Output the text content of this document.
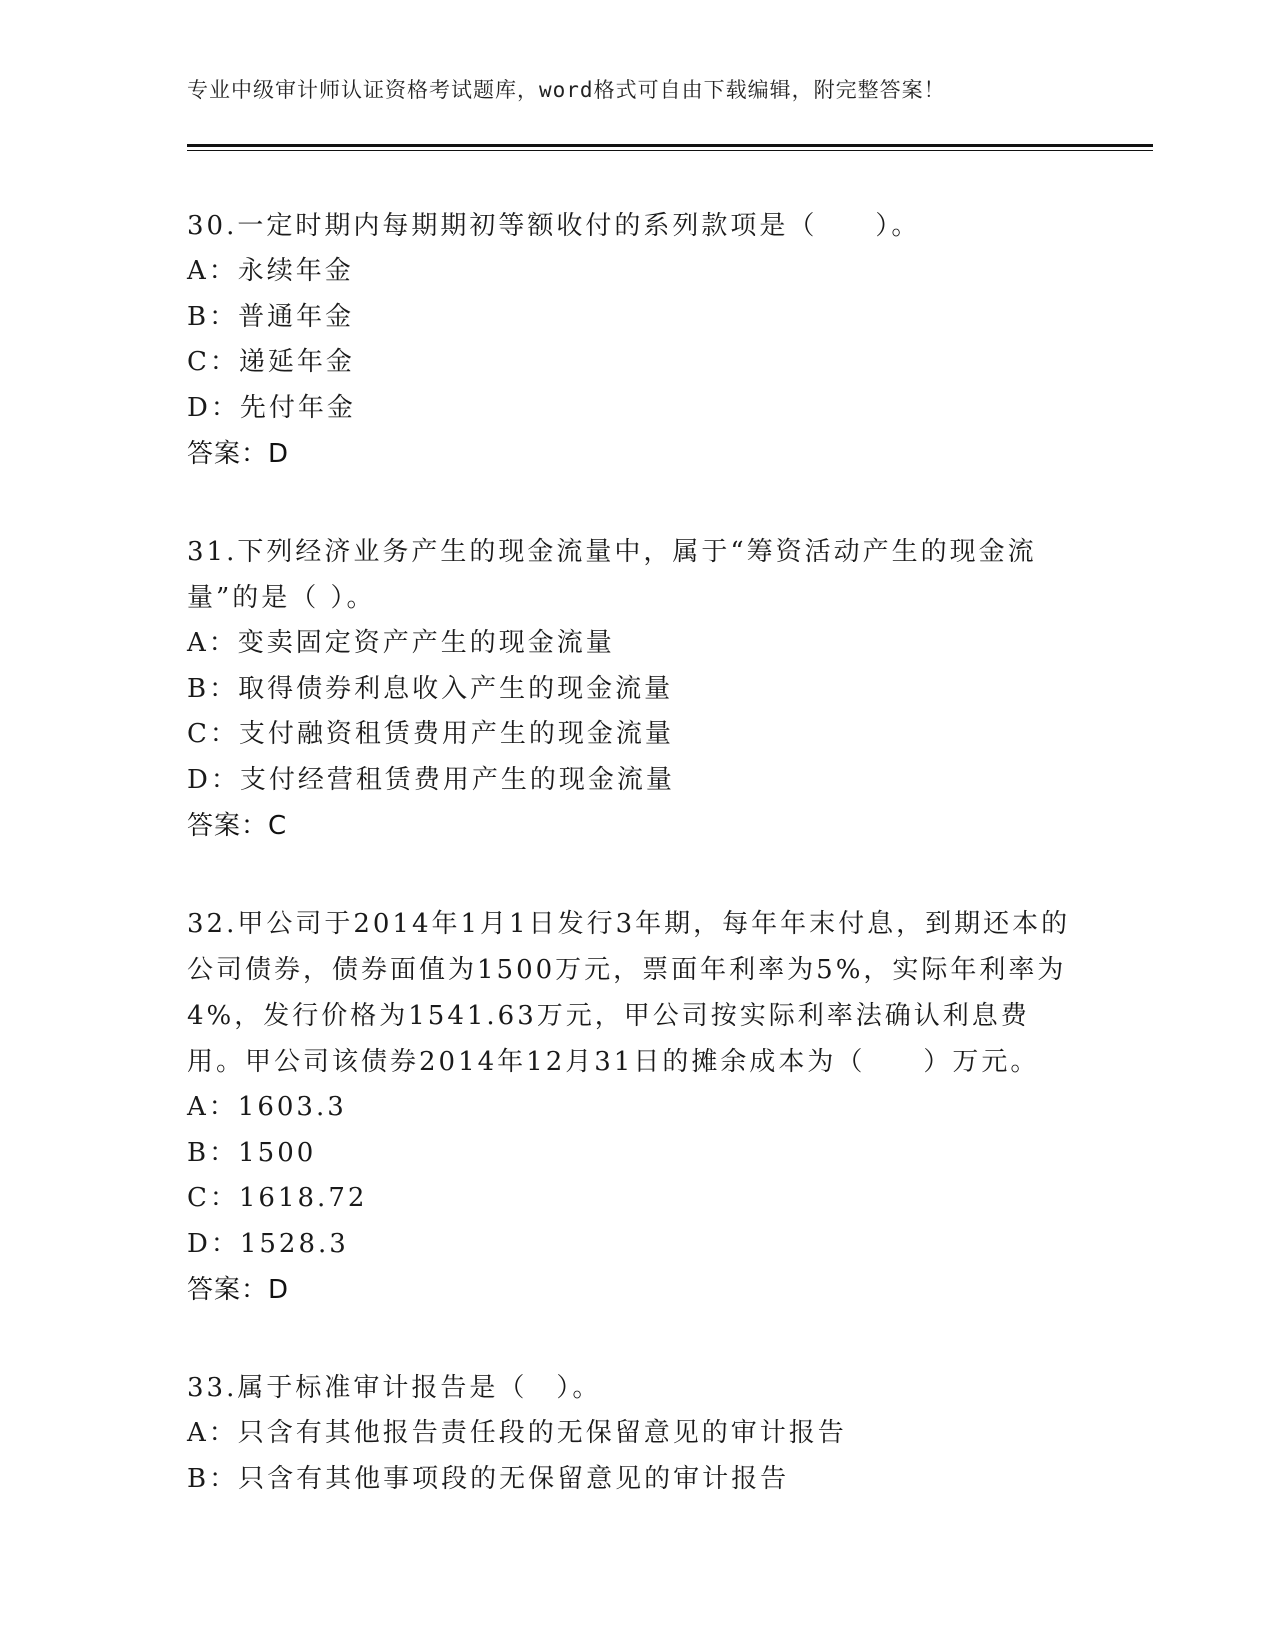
专业中级审计师认证资格考试题库，word格式可自由下载编辑，附完整答案！

30.一定时期内每期期初等额收付的系列款项是（　　）。

A：永续年金

B：普通年金

C：递延年金

D：先付年金

答案：D

31.下列经济业务产生的现金流量中，属于“筹资活动产生的现金流量”的是（ ）。

A：变卖固定资产产生的现金流量

B：取得债券利息收入产生的现金流量

C：支付融资租赁费用产生的现金流量

D：支付经营租赁费用产生的现金流量

答案：C

32.甲公司于2014年1月1日发行3年期，每年年末付息，到期还本的公司债券，债券面值为1500万元，票面年利率为5%，实际年利率为4%，发行价格为1541.63万元，甲公司按实际利率法确认利息费用。甲公司该债券2014年12月31日的摊余成本为（　　）万元。

A：1603.3

B：1500

C：1618.72

D：1528.3

答案：D

33.属于标准审计报告是（　）。

A：只含有其他报告责任段的无保留意见的审计报告

B：只含有其他事项段的无保留意见的审计报告
